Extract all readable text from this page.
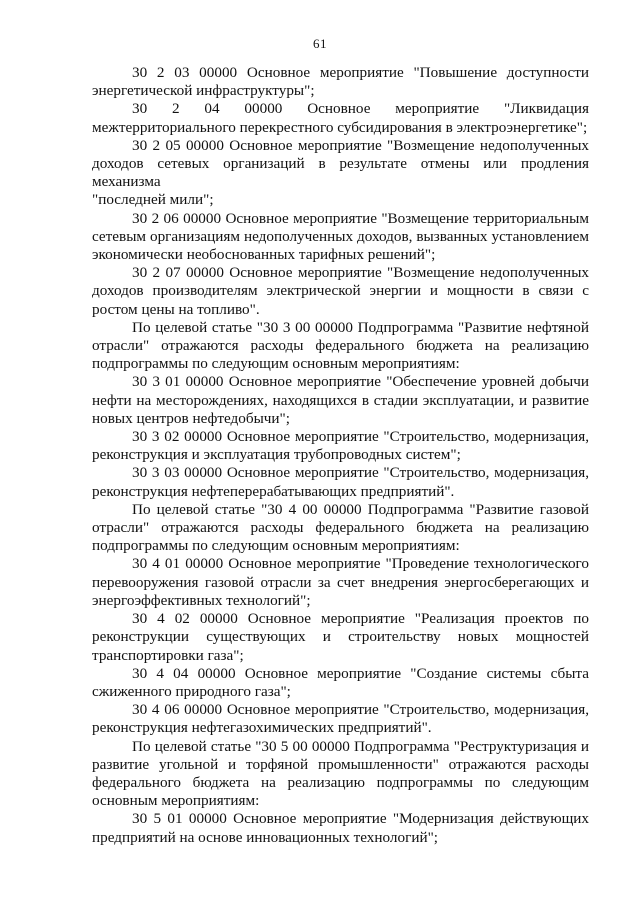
61

30 2 03 00000 Основное мероприятие "Повышение доступности
энергетической инфраструктуры";

30 2 04 00000 Основное мероприятие "Ликвидация
межтерриториального перекрестного субсидирования в электроэнергетике";

30 2 05 00000 Основное мероприятие "Возмещение недополученных
доходов сетевых организаций в результате отмены или продления механизма
"последней мили";

30 2 06 00000 Основное мероприятие "Возмещение территориальным
сетевым организациям недополученных доходов, вызванных установлением
экономически необоснованных тарифных решений";

30 2 07 00000 Основное мероприятие "Возмещение недополученных
доходов производителям электрической энергии и мощности в связи с
ростом цены на топливо".

По целевой статье "30 3 00 00000 Подпрограмма "Развитие нефтяной
отрасли" отражаются расходы федерального бюджета на реализацию
подпрограммы по следующим основным мероприятиям:

30 3 01 00000 Основное мероприятие "Обеспечение уровней добычи
нефти на месторождениях, находящихся в стадии эксплуатации, и развитие
новых центров нефтедобычи";

30 3 02 00000 Основное мероприятие "Строительство, модернизация,
реконструкция и эксплуатация трубопроводных систем";

30 3 03 00000 Основное мероприятие "Строительство, модернизация,
реконструкция нефтеперерабатывающих предприятий".

По целевой статье "30 4 00 00000 Подпрограмма "Развитие газовой
отрасли" отражаются расходы федерального бюджета на реализацию
подпрограммы по следующим основным мероприятиям:

30 4 01 00000 Основное мероприятие "Проведение технологического
перевооружения газовой отрасли за счет внедрения энергосберегающих и
энергоэффективных технологий";

30 4 02 00000 Основное мероприятие "Реализация проектов по
реконструкции существующих и строительству новых мощностей
транспортировки газа";

30 4 04 00000 Основное мероприятие "Создание системы сбыта
сжиженного природного газа";

30 4 06 00000 Основное мероприятие "Строительство, модернизация,
реконструкция нефтегазохимических предприятий".

По целевой статье "30 5 00 00000 Подпрограмма "Реструктуризация и
развитие угольной и торфяной промышленности" отражаются расходы
федерального бюджета на реализацию подпрограммы по следующим
основным мероприятиям:

30 5 01 00000 Основное мероприятие "Модернизация действующих
предприятий на основе инновационных технологий";
